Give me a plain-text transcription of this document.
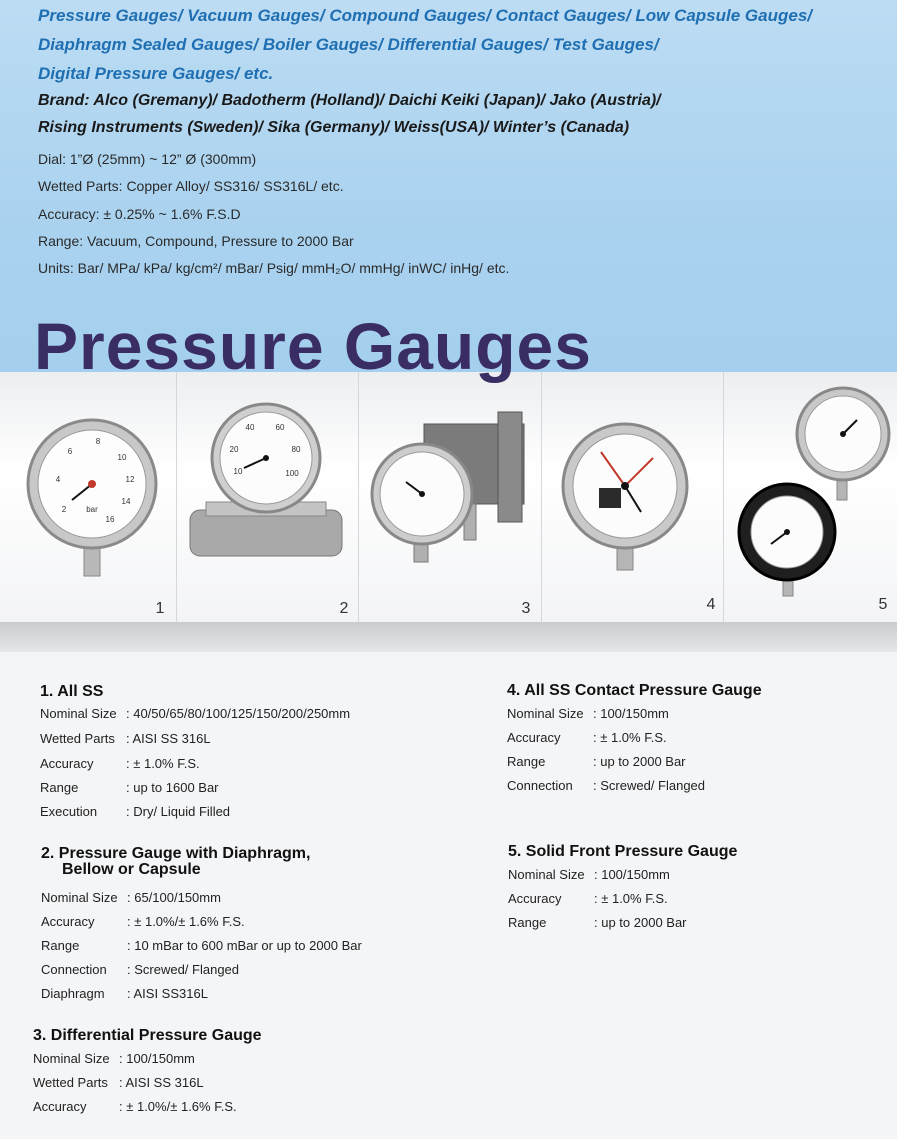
Pressure Gauges/ Vacuum Gauges/ Compound Gauges/ Contact Gauges/ Low Capsule Gauges/
Diaphragm Sealed Gauges/ Boiler Gauges/ Differential Gauges/ Test Gauges/
Digital Pressure Gauges/ etc.
Brand: Alco (Gremany)/ Badotherm (Holland)/ Daichi Keiki (Japan)/ Jako (Austria)/
Rising Instruments (Sweden)/ Sika (Germany)/ Weiss(USA)/ Winter’s (Canada)
Dial: 1”Ø (25mm) ~ 12” Ø (300mm)
Wetted Parts: Copper Alloy/ SS316/ SS316L/ etc.
Accuracy: ± 0.25% ~ 1.6% F.S.D
Range: Vacuum, Compound, Pressure to 2000 Bar
Units: Bar/ MPa/ kPa/ kg/cm²/ mBar/ Psig/ mmH₂O/ mmHg/ inWC/ inHg/ etc.
2
4
6
8
10
12
14
16
bar
1
10
20
40	60
80
100
2	3	4	5
Pressure Gauges
1. All SS
Nominal Size : 40/50/65/80/100/125/150/200/250mm
Wetted Parts : AISI SS 316L
Accuracy	: ± 1.0% F.S.
Range	: up to 1600 Bar
Execution : Dry/ Liquid Filled
2. Pressure Gauge with Diaphragm,
Bellow or Capsule
Nominal Size : 65/100/150mm
Accuracy	: ± 1.0%/± 1.6% F.S.
Range	: 10 mBar to 600 mBar or up to 2000 Bar
Connection : Screwed/ Flanged
Diaphragm : AISI SS316L
3. Differential Pressure Gauge
Nominal Size : 100/150mm
Wetted Parts : AISI SS 316L
Accuracy	: ± 1.0%/± 1.6% F.S.
4. All SS Contact Pressure Gauge
Nominal Size : 100/150mm
Accuracy	: ± 1.0% F.S.
Range	: up to 2000 Bar
Connection : Screwed/ Flanged
5. Solid Front Pressure Gauge
Nominal Size : 100/150mm
Accuracy	: ± 1.0% F.S.
Range	: up to 2000 Bar
